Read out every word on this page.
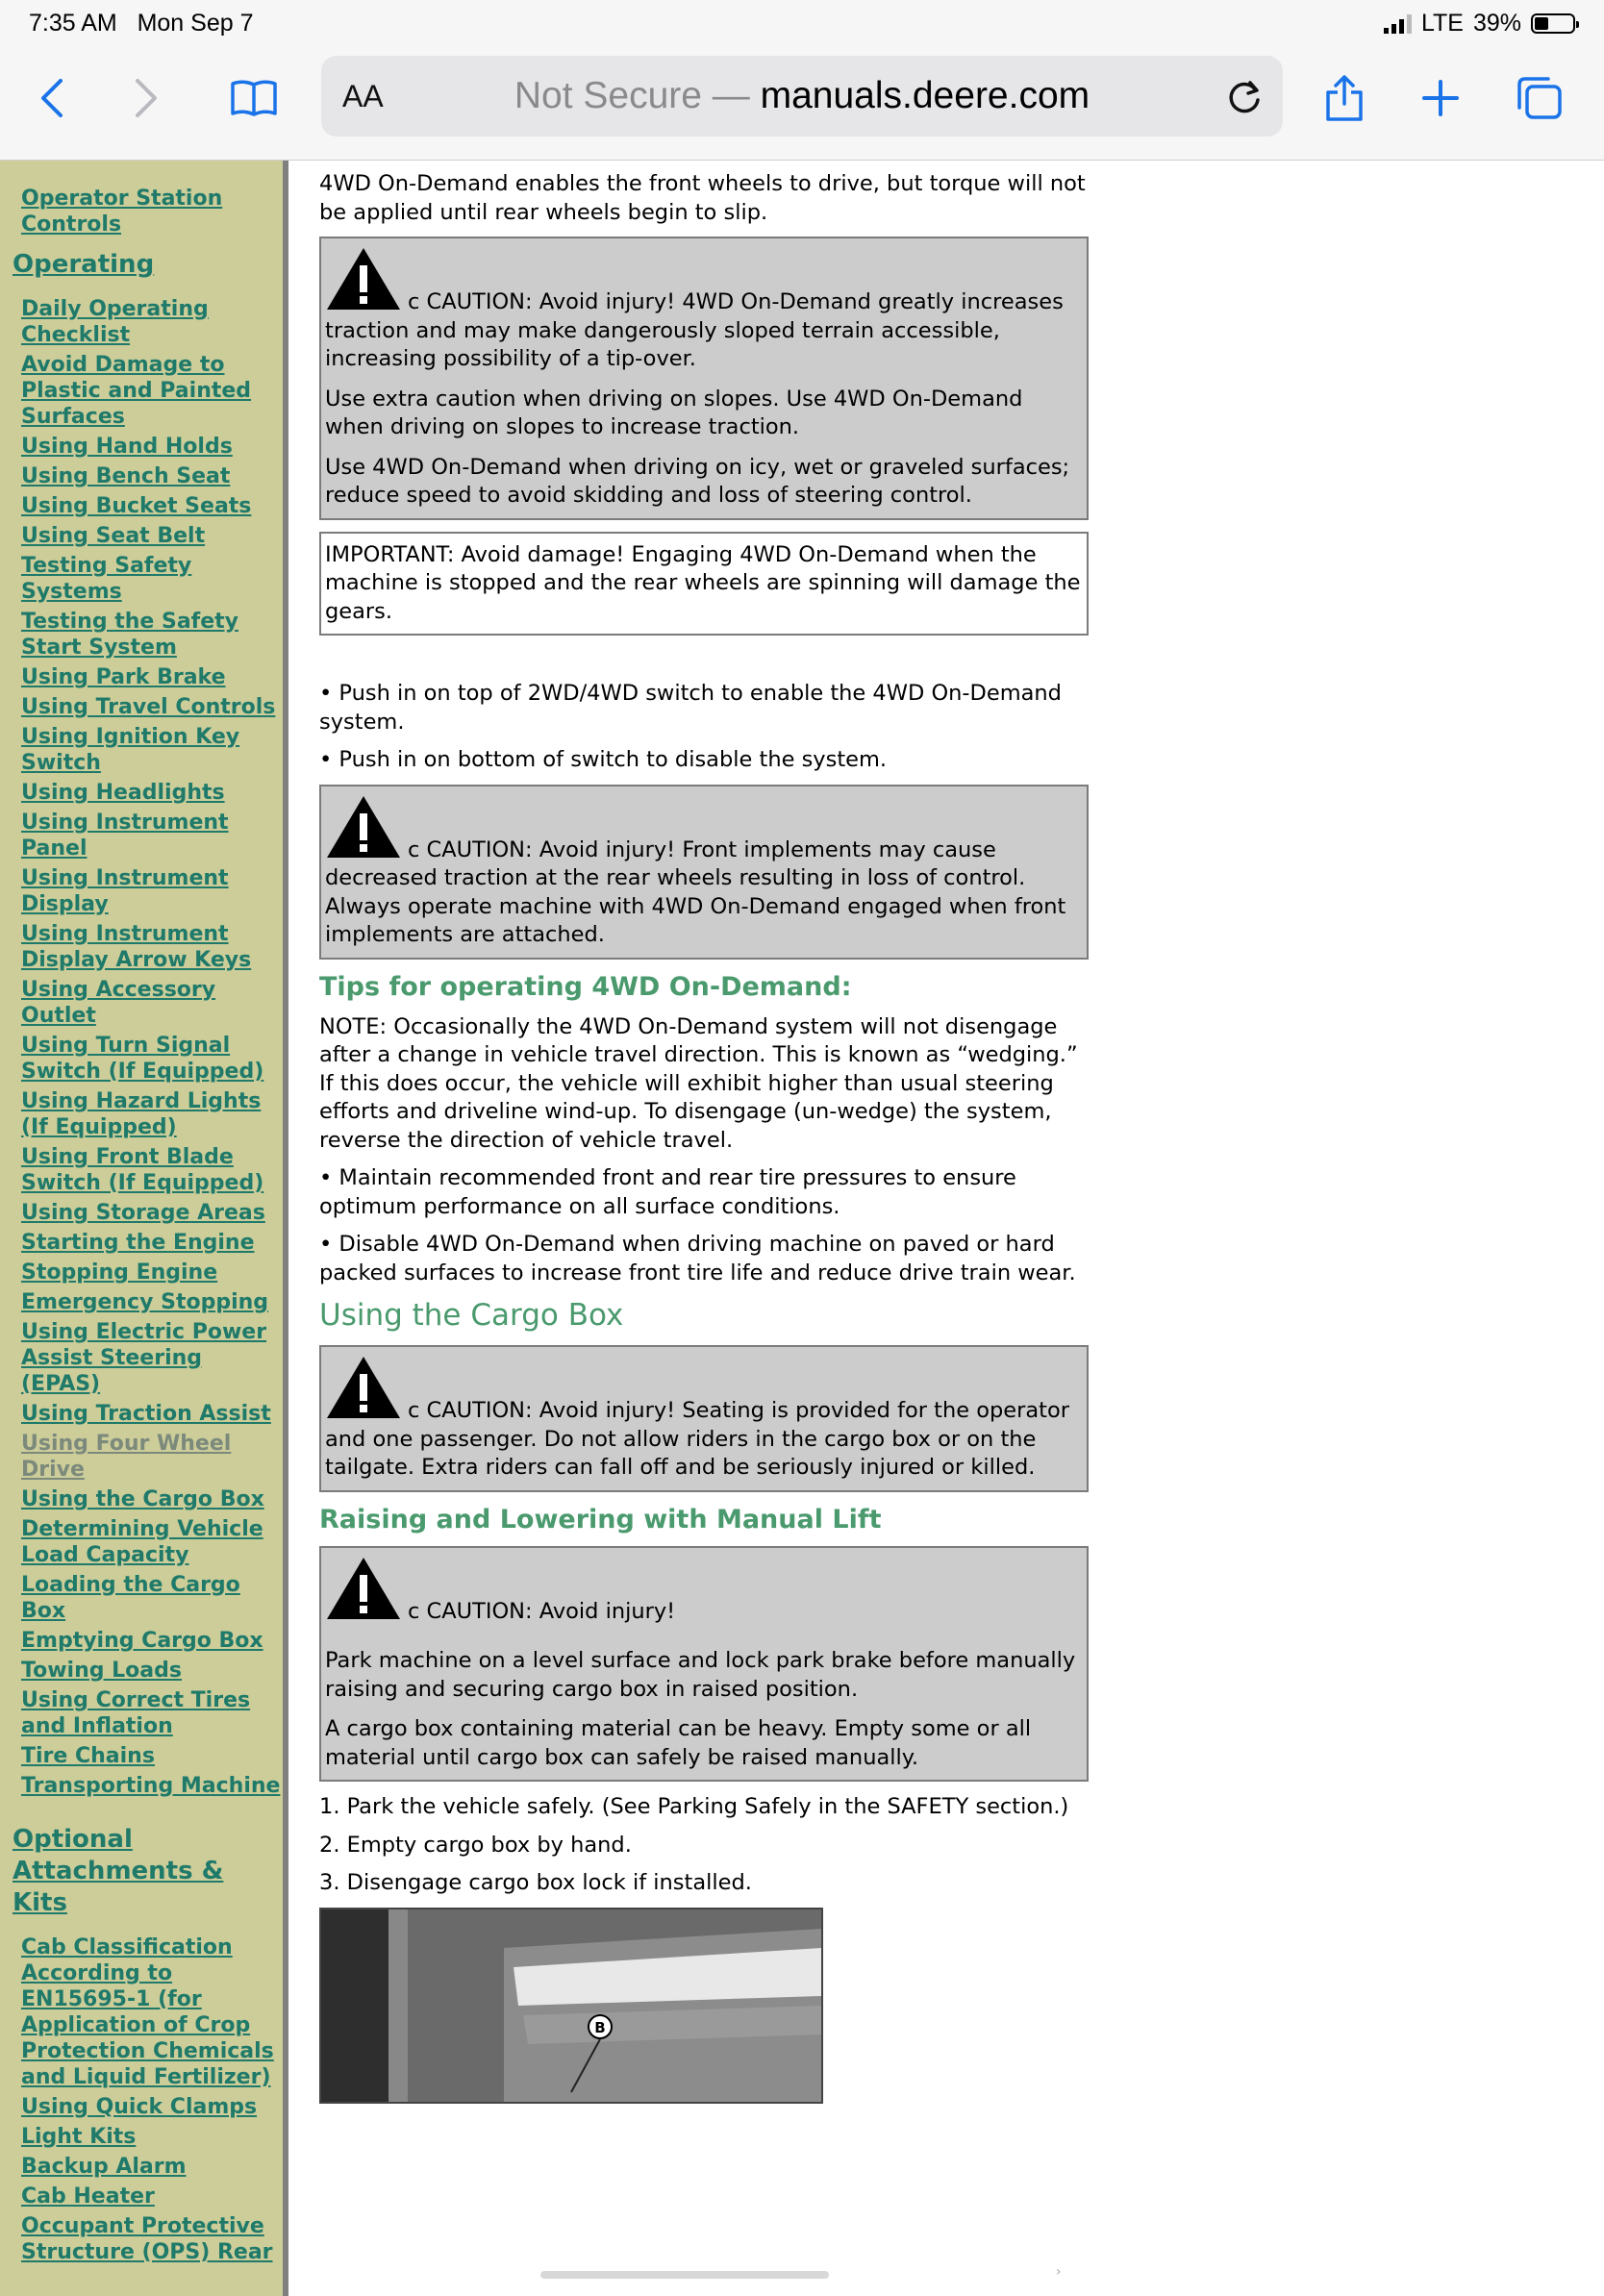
7:35 AM Mon Sep 7	LTE 39%
AA	Not Secure — manuals.deere.com
Operator Station Controls
Operating
Daily Operating Checklist
Avoid Damage to Plastic and Painted Surfaces
Using Hand Holds
Using Bench Seat
Using Bucket Seats
Using Seat Belt
Testing Safety Systems
Testing the Safety Start System
Using Park Brake
Using Travel Controls
Using Ignition Key Switch
Using Headlights
Using Instrument Panel
Using Instrument Display
Using Instrument Display Arrow Keys
Using Accessory Outlet
Using Turn Signal Switch (If Equipped)
Using Hazard Lights (If Equipped)
Using Front Blade Switch (If Equipped)
Using Storage Areas
Starting the Engine
Stopping Engine
Emergency Stopping
Using Electric Power Assist Steering (EPAS)
Using Traction Assist
Using Four Wheel Drive
Using the Cargo Box
Determining Vehicle Load Capacity
Loading the Cargo Box
Emptying Cargo Box
Towing Loads
Using Correct Tires and Inflation
Tire Chains
Transporting Machine
Optional Attachments & Kits
Cab Classification According to EN15695-1 (for Application of Crop Protection Chemicals and Liquid Fertilizer)
Using Quick Clamps
Light Kits
Backup Alarm
Cab Heater
Occupant Protective Structure (OPS) Rear

4WD On-Demand enables the front wheels to drive, but torque will not be applied until rear wheels begin to slip.

c CAUTION: Avoid injury! 4WD On-Demand greatly increases traction and may make dangerously sloped terrain accessible, increasing possibility of a tip-over.

Use extra caution when driving on slopes. Use 4WD On-Demand when driving on slopes to increase traction.

Use 4WD On-Demand when driving on icy, wet or graveled surfaces; reduce speed to avoid skidding and loss of steering control.

IMPORTANT: Avoid damage! Engaging 4WD On-Demand when the machine is stopped and the rear wheels are spinning will damage the gears.

• Push in on top of 2WD/4WD switch to enable the 4WD On-Demand system.

• Push in on bottom of switch to disable the system.

c CAUTION: Avoid injury! Front implements may cause decreased traction at the rear wheels resulting in loss of control. Always operate machine with 4WD On-Demand engaged when front implements are attached.

Tips for operating 4WD On-Demand:

NOTE: Occasionally the 4WD On-Demand system will not disengage after a change in vehicle travel direction. This is known as “wedging.” If this does occur, the vehicle will exhibit higher than usual steering efforts and driveline wind-up. To disengage (un-wedge) the system, reverse the direction of vehicle travel.

• Maintain recommended front and rear tire pressures to ensure optimum performance on all surface conditions.

• Disable 4WD On-Demand when driving machine on paved or hard packed surfaces to increase front tire life and reduce drive train wear.

Using the Cargo Box

c CAUTION: Avoid injury! Seating is provided for the operator and one passenger. Do not allow riders in the cargo box or on the tailgate. Extra riders can fall off and be seriously injured or killed.

Raising and Lowering with Manual Lift

c CAUTION: Avoid injury!

Park machine on a level surface and lock park brake before manually raising and securing cargo box in raised position.

A cargo box containing material can be heavy. Empty some or all material until cargo box can safely be raised manually.

1. Park the vehicle safely. (See Parking Safely in the SAFETY section.)

2. Empty cargo box by hand.

3. Disengage cargo box lock if installed.

B
›
